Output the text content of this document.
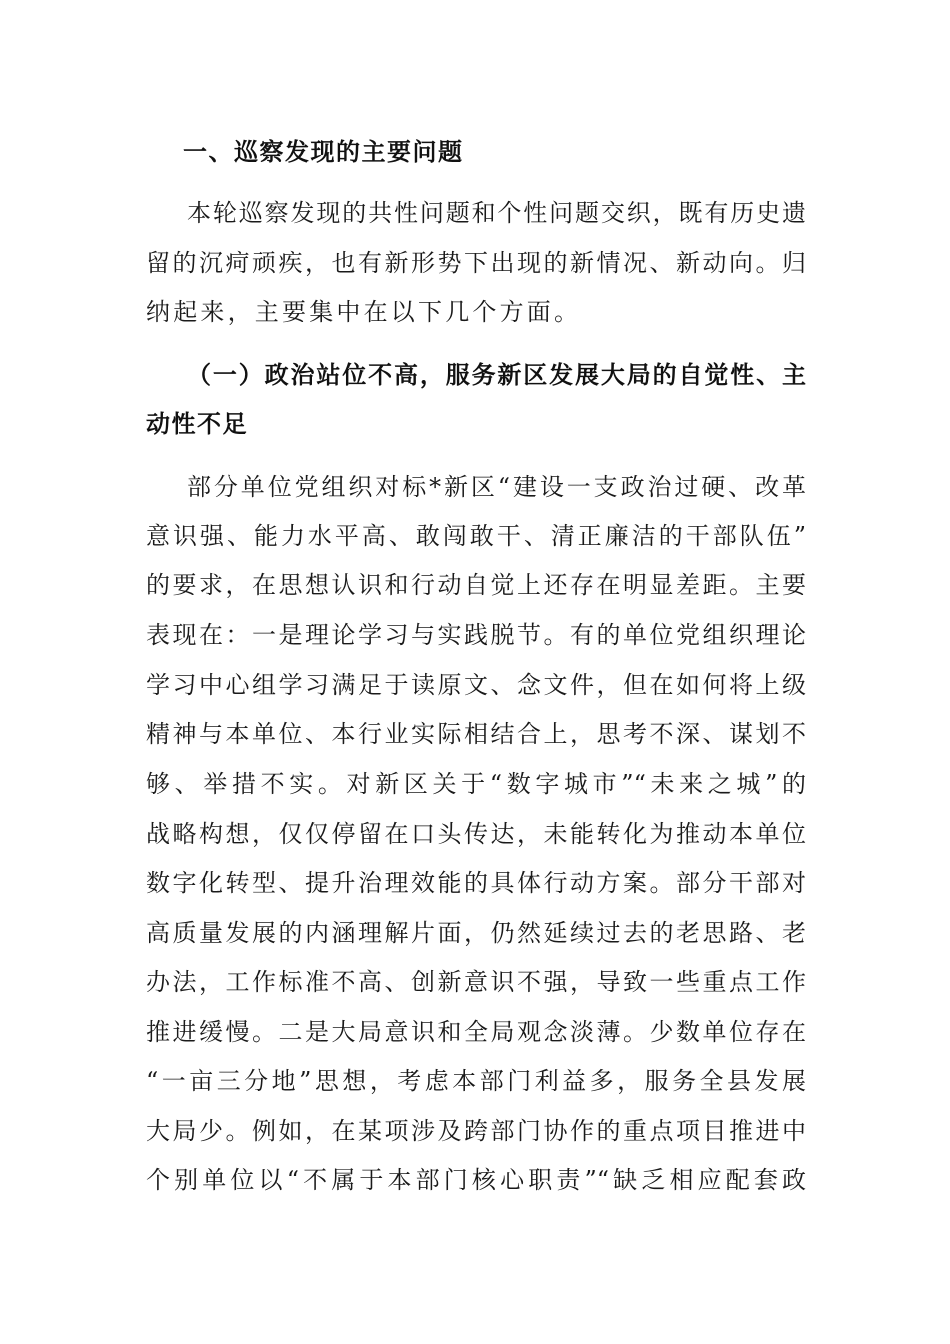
一、巡察发现的主要问题
本轮巡察发现的共性问题和个性问题交织，既有历史遗
留的沉疴顽疾，也有新形势下出现的新情况、新动向。归
纳起来，主要集中在以下几个方面。
（一）政治站位不高，服务新区发展大局的自觉性、主
动性不足
部分单位党组织对标*新区“建设一支政治过硬、改革
意识强、能力水平高、敢闯敢干、清正廉洁的干部队伍”
的要求，在思想认识和行动自觉上还存在明显差距。主要
表现在：一是理论学习与实践脱节。有的单位党组织理论
学习中心组学习满足于读原文、念文件，但在如何将上级
精神与本单位、本行业实际相结合上，思考不深、谋划不
够、举措不实。对新区关于“数字城市”“未来之城”的
战略构想，仅仅停留在口头传达，未能转化为推动本单位
数字化转型、提升治理效能的具体行动方案。部分干部对
高质量发展的内涵理解片面，仍然延续过去的老思路、老
办法，工作标准不高、创新意识不强，导致一些重点工作
推进缓慢。二是大局意识和全局观念淡薄。少数单位存在
“一亩三分地”思想，考虑本部门利益多，服务全县发展
大局少。例如，在某项涉及跨部门协作的重点项目推进中
个别单位以“不属于本部门核心职责”“缺乏相应配套政
